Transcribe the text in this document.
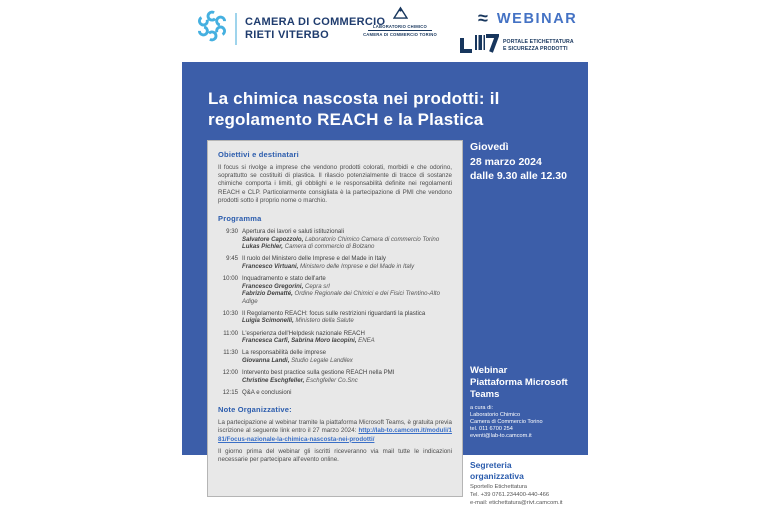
CAMERA DI COMMERCIO
RIETI VITERBO
LABORATORIO CHIMICO
CAMERA DI COMMERCIO TORINO
≈ WEBINAR
PORTALE ETICHETTATURA
E SICUREZZA PRODOTTI
La chimica nascosta nei prodotti: il
regolamento REACH e la Plastica
Giovedì
28 marzo 2024
dalle 9.30 alle 12.30
Obiettivi e destinatari

Il focus si rivolge a imprese che vendono prodotti colorati, morbidi e che odorino, soprattutto se costituiti di plastica. Il rilascio potenzialmente di tracce di sostanze chimiche comporta i limiti, gli obblighi e le responsabilità definite nei regolamenti REACH e CLP. Particolarmente consigliata è la partecipazione di PMI che vendono prodotti sotto il proprio nome o marchio.

Programma
9:30 Apertura dei lavori e saluti istituzionali
Salvatore Capozzolo, Laboratorio Chimico Camera di commercio Torino
Lukas Pichler, Camera di commercio di Bolzano
9:45 Il ruolo del Ministero delle Imprese e del Made in Italy
Francesco Virtuani, Ministero delle Imprese e del Made in Italy
10:00 Inquadramento e stato dell'arte
Francesco Gregorini, Cepra srl
Fabrizio Dematté, Ordine Regionale dei Chimici e dei Fisici Trentino-Alto Adige
10:30 Il Regolamento REACH: focus sulle restrizioni riguardanti la plastica
Luigia Scimonelli, Ministero della Salute
11:00 L'esperienza dell'Helpdesk nazionale REACH
Francesca Carfi, Sabrina Moro Iacopini, ENEA
11:30 La responsabilità delle imprese
Giovanna Landi, Studio Legale Landilex
12:00 Intervento best practice sulla gestione REACH nella PMI
Christine Eschgfeller, Eschgfeller Co.Snc
12:15 Q&A e conclusioni
Note Organizzative:

La partecipazione al webinar tramite la piattaforma Microsoft Teams, è gratuita previa iscrizione al seguente link entro il 27 marzo 2024: http://lab-to.camcom.it/moduli/181/Focus-nazionale-la-chimica-nascosta-nei-prodotti/

Il giorno prima del webinar gli iscritti riceveranno via mail tutte le indicazioni necessarie per partecipare all'evento online.

Webinar
Piattaforma Microsoft
Teams
a cura di:
Laboratorio Chimico
Camera di Commercio Torino
tel. 011 6700 254
eventi@lab-to.camcom.it
Segreteria
organizzativa
Sportello Etichettatura
Tel. +39 0761.234400-440-466
e-mail: etichettatura@rivt.camcom.it
